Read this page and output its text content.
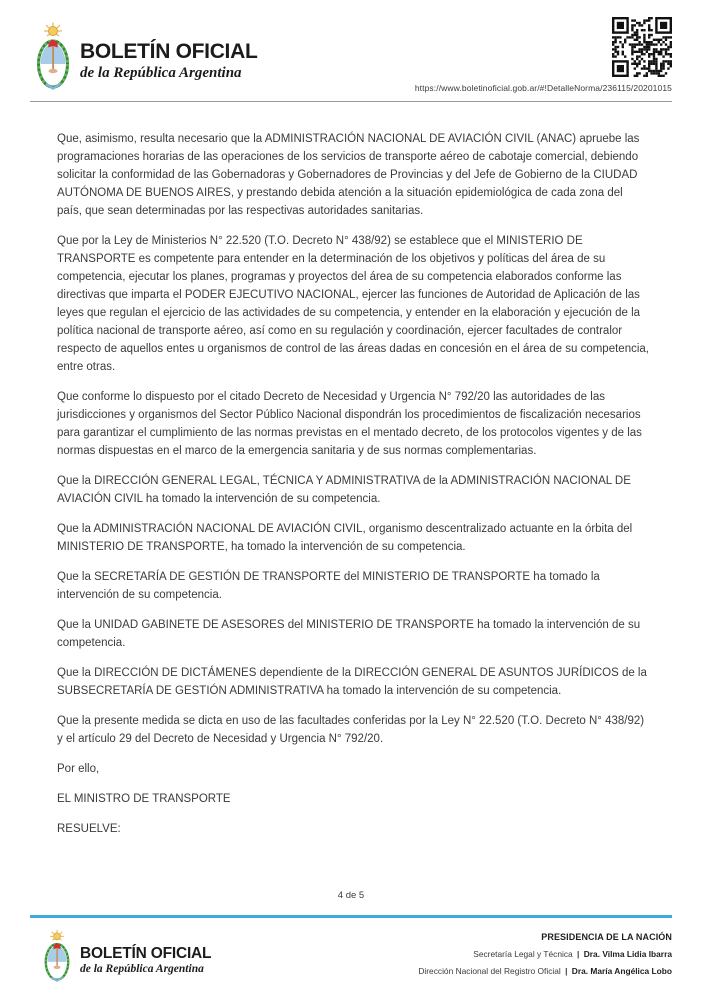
BOLETÍN OFICIAL
de la República Argentina
https://www.boletinoficial.gob.ar/#!DetalleNorma/236115/20201015

Que, asimismo, resulta necesario que la ADMINISTRACIÓN NACIONAL DE AVIACIÓN CIVIL (ANAC) apruebe las programaciones horarias de las operaciones de los servicios de transporte aéreo de cabotaje comercial, debiendo solicitar la conformidad de las Gobernadoras y Gobernadores de Provincias y del Jefe de Gobierno de la CIUDAD AUTÓNOMA DE BUENOS AIRES, y prestando debida atención a la situación epidemiológica de cada zona del país, que sean determinadas por las respectivas autoridades sanitarias.

Que por la Ley de Ministerios N° 22.520 (T.O. Decreto N° 438/92) se establece que el MINISTERIO DE TRANSPORTE es competente para entender en la determinación de los objetivos y políticas del área de su competencia, ejecutar los planes, programas y proyectos del área de su competencia elaborados conforme las directivas que imparta el PODER EJECUTIVO NACIONAL, ejercer las funciones de Autoridad de Aplicación de las leyes que regulan el ejercicio de las actividades de su competencia, y entender en la elaboración y ejecución de la política nacional de transporte aéreo, así como en su regulación y coordinación, ejercer facultades de contralor respecto de aquellos entes u organismos de control de las áreas dadas en concesión en el área de su competencia, entre otras.

Que conforme lo dispuesto por el citado Decreto de Necesidad y Urgencia N° 792/20 las autoridades de las jurisdicciones y organismos del Sector Público Nacional dispondrán los procedimientos de fiscalización necesarios para garantizar el cumplimiento de las normas previstas en el mentado decreto, de los protocolos vigentes y de las normas dispuestas en el marco de la emergencia sanitaria y de sus normas complementarias.

Que la DIRECCIÓN GENERAL LEGAL, TÉCNICA Y ADMINISTRATIVA de la ADMINISTRACIÓN NACIONAL DE AVIACIÓN CIVIL ha tomado la intervención de su competencia.

Que la ADMINISTRACIÓN NACIONAL DE AVIACIÓN CIVIL, organismo descentralizado actuante en la órbita del MINISTERIO DE TRANSPORTE, ha tomado la intervención de su competencia.

Que la SECRETARÍA DE GESTIÓN DE TRANSPORTE del MINISTERIO DE TRANSPORTE ha tomado la intervención de su competencia.

Que la UNIDAD GABINETE DE ASESORES del MINISTERIO DE TRANSPORTE ha tomado la intervención de su competencia.

Que la DIRECCIÓN DE DICTÁMENES dependiente de la DIRECCIÓN GENERAL DE ASUNTOS JURÍDICOS de la SUBSECRETARÍA DE GESTIÓN ADMINISTRATIVA ha tomado la intervención de su competencia.

Que la presente medida se dicta en uso de las facultades conferidas por la Ley N° 22.520 (T.O. Decreto N° 438/92) y el artículo 29 del Decreto de Necesidad y Urgencia N° 792/20.

Por ello,

EL MINISTRO DE TRANSPORTE

RESUELVE:

4 de 5
BOLETÍN OFICIAL
de la República Argentina
PRESIDENCIA DE LA NACIÓN
Secretaría Legal y Técnica | Dra. Vilma Lidia Ibarra
Dirección Nacional del Registro Oficial | Dra. María Angélica Lobo
